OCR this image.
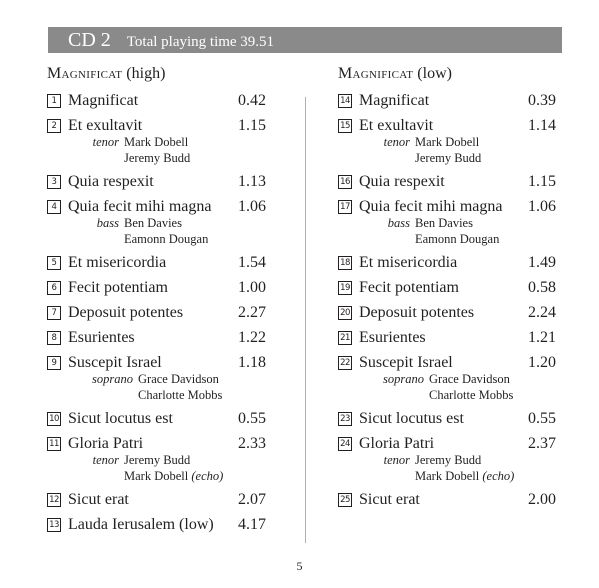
CD 2 Total playing time 39.51
Magnificat (high)
1 Magnificat	0.42
2 Et exultavit	1.15
tenor Mark Dobell
Jeremy Budd
3 Quia respexit	1.13
4 Quia fecit mihi magna	1.06
bass Ben Davies
Eamonn Dougan
5 Et misericordia	1.54
6 Fecit potentiam	1.00
7 Deposuit potentes	2.27
8 Esurientes	1.22
9 Suscepit Israel	1.18
soprano Grace Davidson
Charlotte Mobbs
10 Sicut locutus est	0.55
11 Gloria Patri	2.33
tenor Jeremy Budd
Mark Dobell (echo)
12 Sicut erat	2.07
13 Lauda Ierusalem (low)	4.17
Magnificat (low)
14 Magnificat	0.39
15 Et exultavit	1.14
tenor Mark Dobell
Jeremy Budd
16 Quia respexit	1.15
17 Quia fecit mihi magna	1.06
bass Ben Davies
Eamonn Dougan
18 Et misericordia	1.49
19 Fecit potentiam	0.58
20 Deposuit potentes	2.24
21 Esurientes	1.21
22 Suscepit Israel	1.20
soprano Grace Davidson
Charlotte Mobbs
23 Sicut locutus est	0.55
24 Gloria Patri	2.37
tenor Jeremy Budd
Mark Dobell (echo)
25 Sicut erat	2.00
5
